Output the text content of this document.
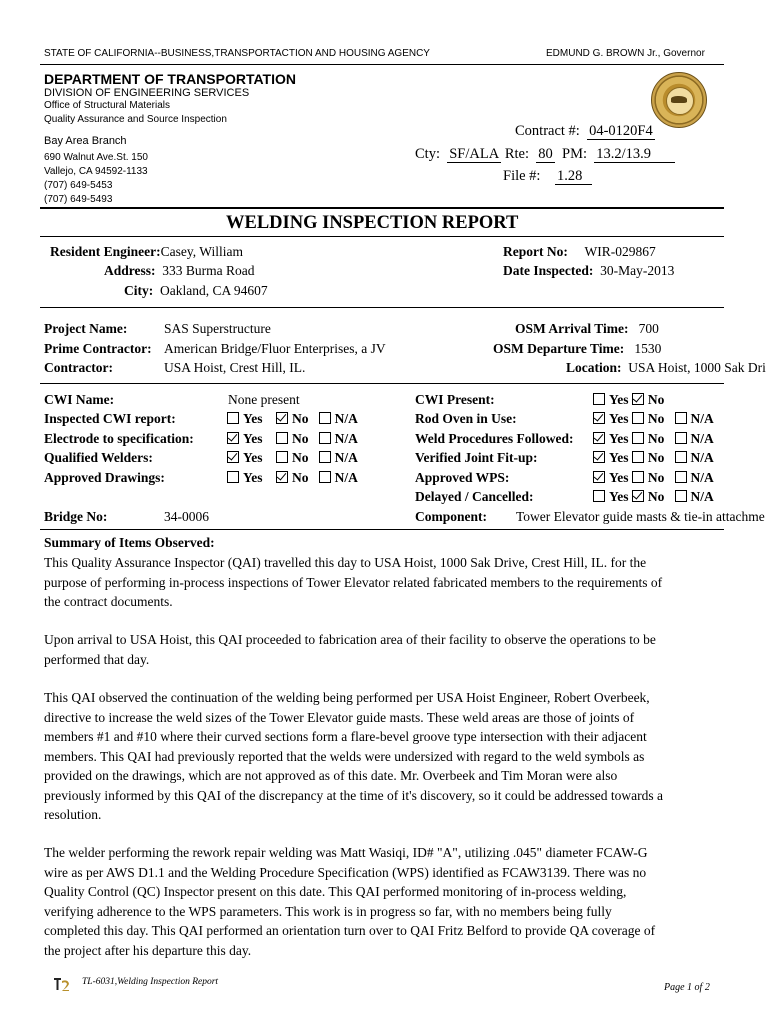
STATE OF CALIFORNIA--BUSINESS,TRANSPORTACTION AND HOUSING AGENCY	EDMUND G. BROWN Jr., Governor
DEPARTMENT OF TRANSPORTATION
DIVISION OF ENGINEERING SERVICES
Office of Structural Materials
Quality Assurance and Source Inspection
Bay Area Branch
690 Walnut Ave.St. 150
Vallejo, CA 94592-1133
(707) 649-5453
(707) 649-5493
Contract #: 04-0120F4
Cty: SF/ALA Rte: 80 PM: 13.2/13.9
File #: 1.28
WELDING INSPECTION REPORT
Resident Engineer:Casey, William
Address: 333 Burma Road
City: Oakland, CA 94607
Report No: WIR-029867
Date Inspected: 30-May-2013
Project Name:	SAS Superstructure
Prime Contractor: American Bridge/Fluor Enterprises, a JV
Contractor:	USA Hoist, Crest Hill, IL.
OSM Arrival Time: 700
OSM Departure Time: 1530
Location: USA Hoist, 1000 Sak Dri
CWI Name:	None present
Inspected CWI report:	Yes No N/A
Electrode to specification:	Yes No N/A
Qualified Welders:	Yes No N/A
Approved Drawings:	Yes No N/A
CWI Present:	Yes No
Rod Oven in Use:	Yes No N/A
Weld Procedures Followed:	Yes No N/A
Verified Joint Fit-up:	Yes No N/A
Approved WPS:	Yes No N/A
Delayed / Cancelled:	Yes No N/A
Bridge No:	34-0006	Component: Tower Elevator guide masts & tie-in attachme
Summary of Items Observed:
This Quality Assurance Inspector (QAI) travelled this day to USA Hoist, 1000 Sak Drive, Crest Hill, IL. for the
purpose of performing in-process inspections of Tower Elevator related fabricated members to the requirements of
the contract documents.
Upon arrival to USA Hoist, this QAI proceeded to fabrication area of their facility to observe the operations to be
performed that day.
This QAI observed the continuation of the welding being performed per USA Hoist Engineer, Robert Overbeek,
directive to increase the weld sizes of the Tower Elevator guide masts. These weld areas are those of joints of
members #1 and #10 where their curved sections form a flare-bevel groove type intersection with their adjacent
members. This QAI had previously reported that the welds were undersized with regard to the weld symbols as
provided on the drawings, which are not approved as of this date. Mr. Overbeek and Tim Moran were also
previously informed by this QAI of the discrepancy at the time of it's discovery, so it could be addressed towards a
resolution.
The welder performing the rework repair welding was Matt Wasiqi, ID# "A", utilizing .045" diameter FCAW-G
wire as per AWS D1.1 and the Welding Procedure Specification (WPS) identified as FCAW3139. There was no
Quality Control (QC) Inspector present on this date. This QAI performed monitoring of in-process welding,
verifying adherence to the WPS parameters. This work is in progress so far, with no members being fully
completed this day. This QAI performed an orientation turn over to QAI Fritz Belford to provide QA coverage of
the project after his departure this day.
TL-6031,Welding Inspection Report	Page 1 of 2
